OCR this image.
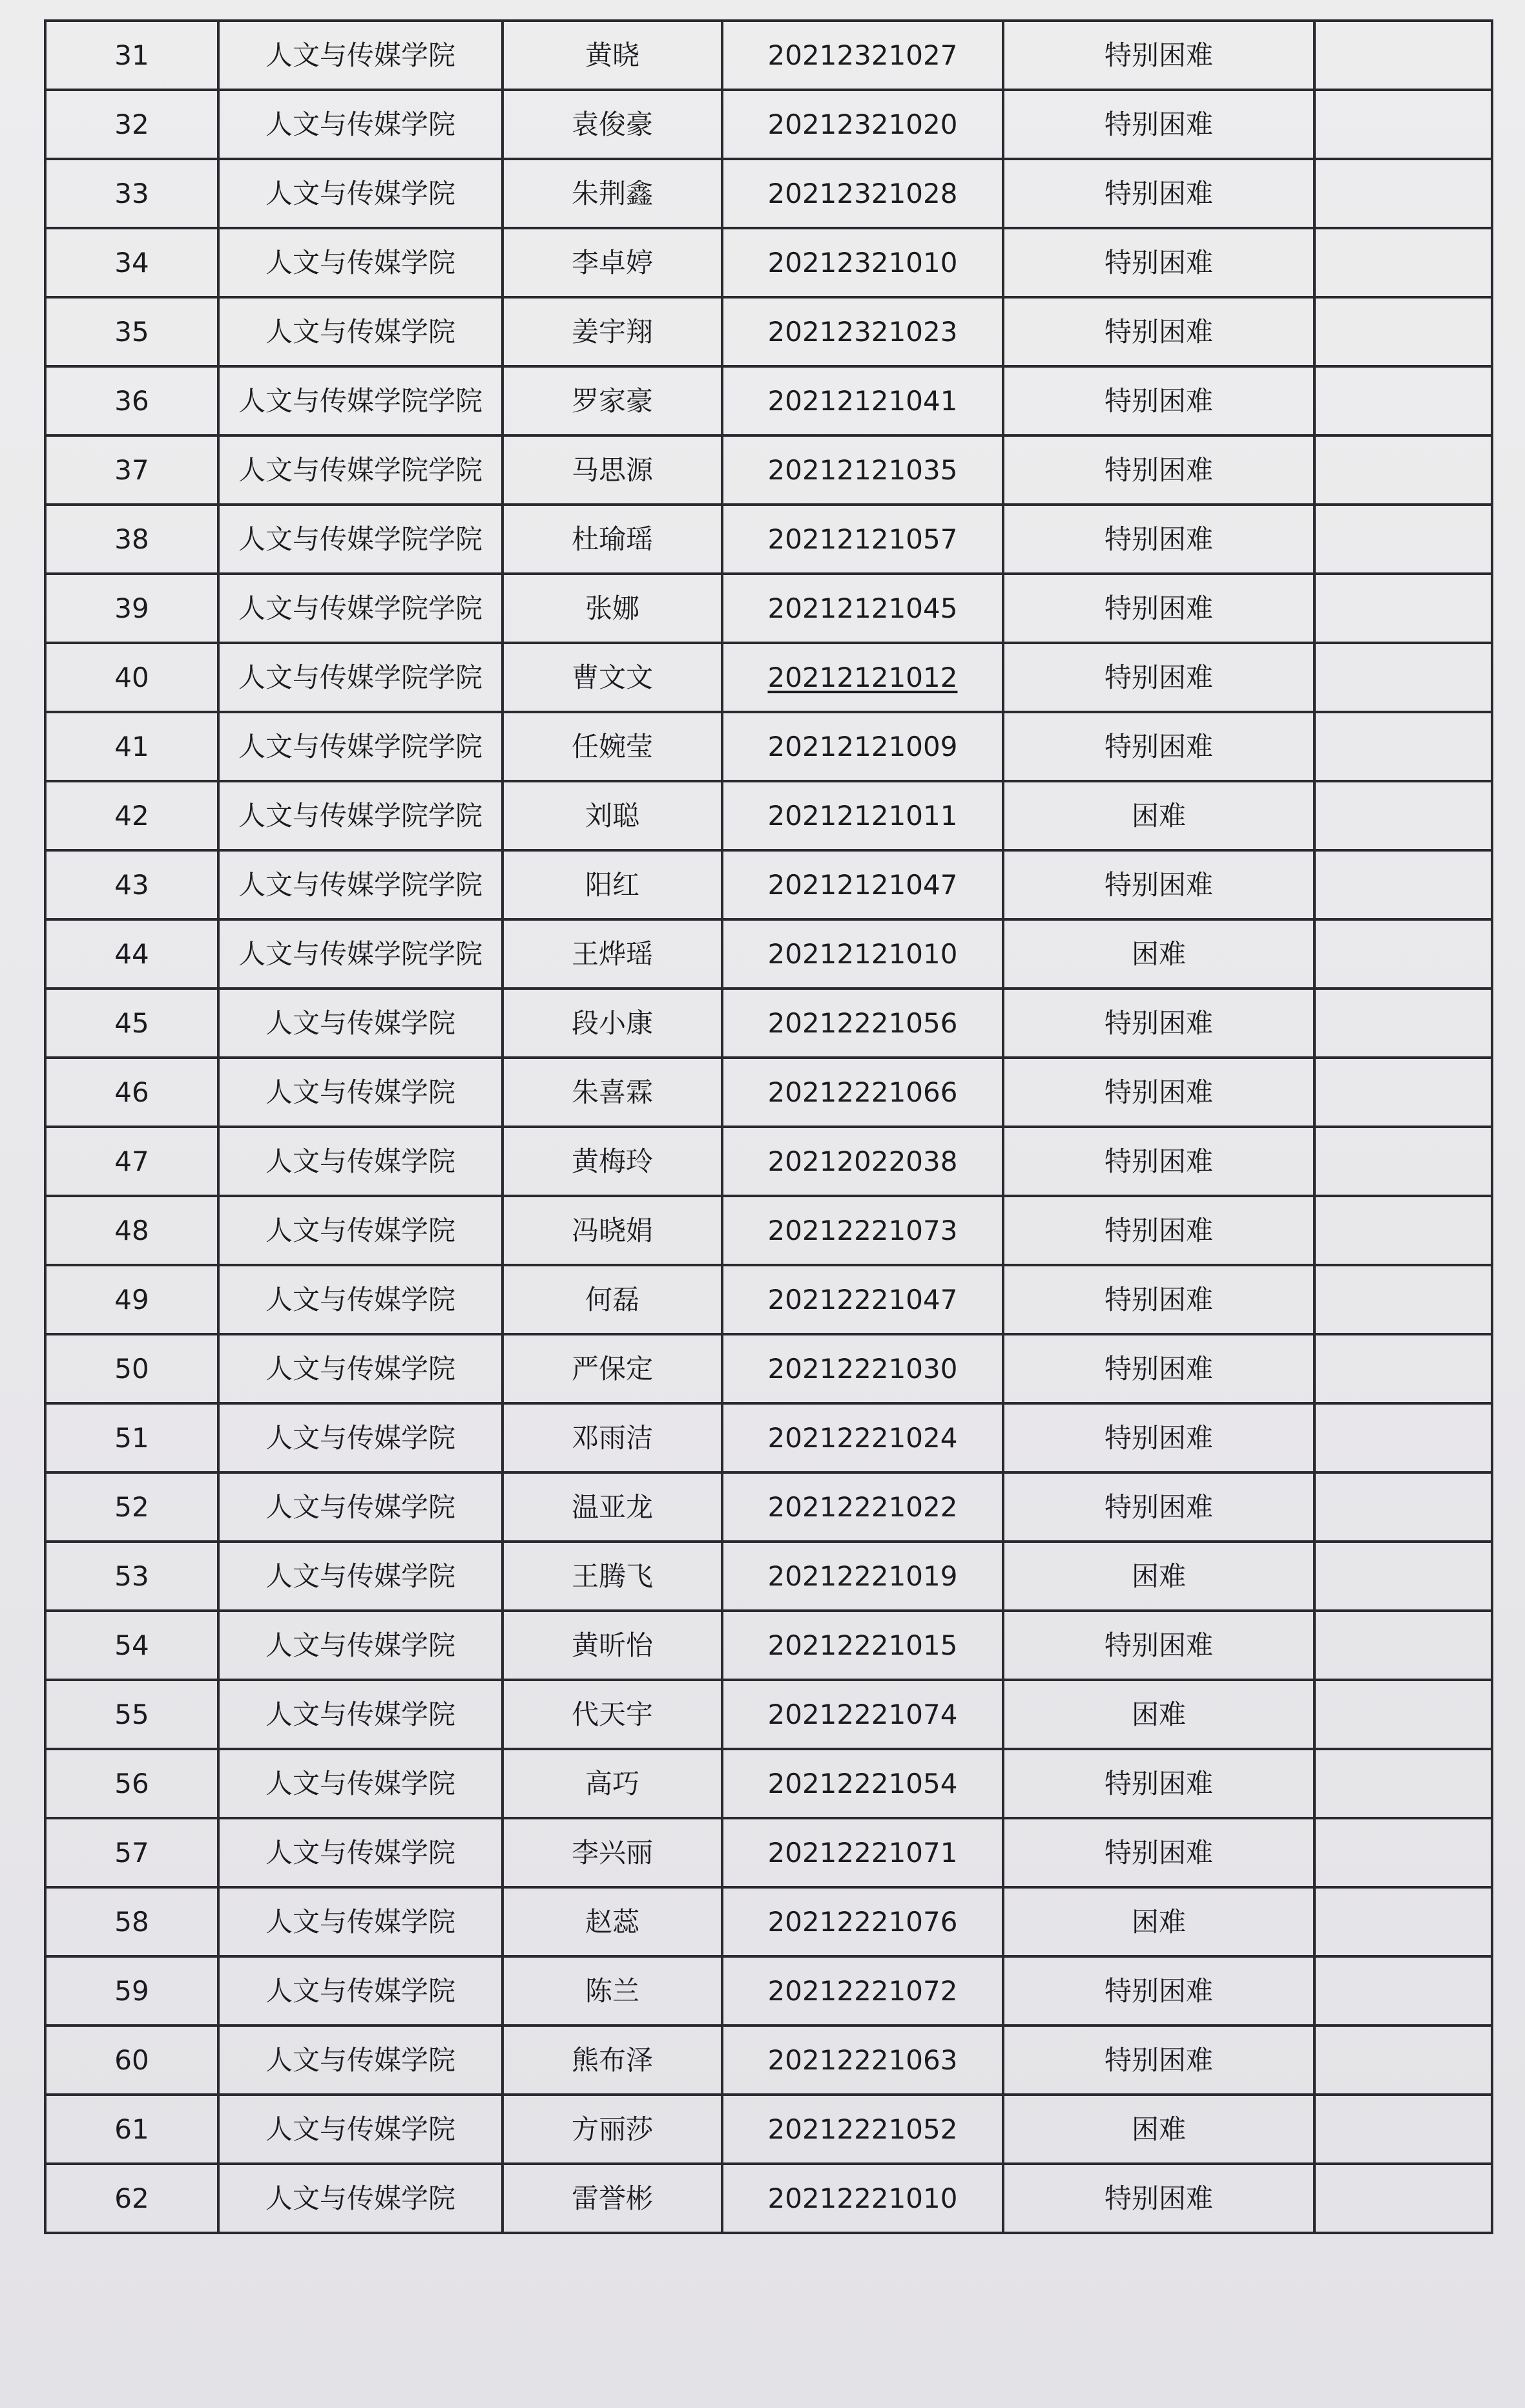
31	人文与传媒学院	黄晓	20212321027	特别困难	
32	人文与传媒学院	袁俊豪	20212321020	特别困难	
33	人文与传媒学院	朱荆鑫	20212321028	特别困难	
34	人文与传媒学院	李卓婷	20212321010	特别困难	
35	人文与传媒学院	姜宇翔	20212321023	特别困难	
36	人文与传媒学院学院	罗家豪	20212121041	特别困难	
37	人文与传媒学院学院	马思源	20212121035	特别困难	
38	人文与传媒学院学院	杜瑜瑶	20212121057	特别困难	
39	人文与传媒学院学院	张娜	20212121045	特别困难	
40	人文与传媒学院学院	曹文文	20212121012	特别困难	
41	人文与传媒学院学院	任婉莹	20212121009	特别困难	
42	人文与传媒学院学院	刘聪	20212121011	困难	
43	人文与传媒学院学院	阳红	20212121047	特别困难	
44	人文与传媒学院学院	王烨瑶	20212121010	困难	
45	人文与传媒学院	段小康	20212221056	特别困难	
46	人文与传媒学院	朱喜霖	20212221066	特别困难	
47	人文与传媒学院	黄梅玲	20212022038	特别困难	
48	人文与传媒学院	冯晓娟	20212221073	特别困难	
49	人文与传媒学院	何磊	20212221047	特别困难	
50	人文与传媒学院	严保定	20212221030	特别困难	
51	人文与传媒学院	邓雨洁	20212221024	特别困难	
52	人文与传媒学院	温亚龙	20212221022	特别困难	
53	人文与传媒学院	王腾飞	20212221019	困难	
54	人文与传媒学院	黄昕怡	20212221015	特别困难	
55	人文与传媒学院	代天宇	20212221074	困难	
56	人文与传媒学院	高巧	20212221054	特别困难	
57	人文与传媒学院	李兴丽	20212221071	特别困难	
58	人文与传媒学院	赵蕊	20212221076	困难	
59	人文与传媒学院	陈兰	20212221072	特别困难	
60	人文与传媒学院	熊布泽	20212221063	特别困难	
61	人文与传媒学院	方丽莎	20212221052	困难	
62	人文与传媒学院	雷誉彬	20212221010	特别困难	
